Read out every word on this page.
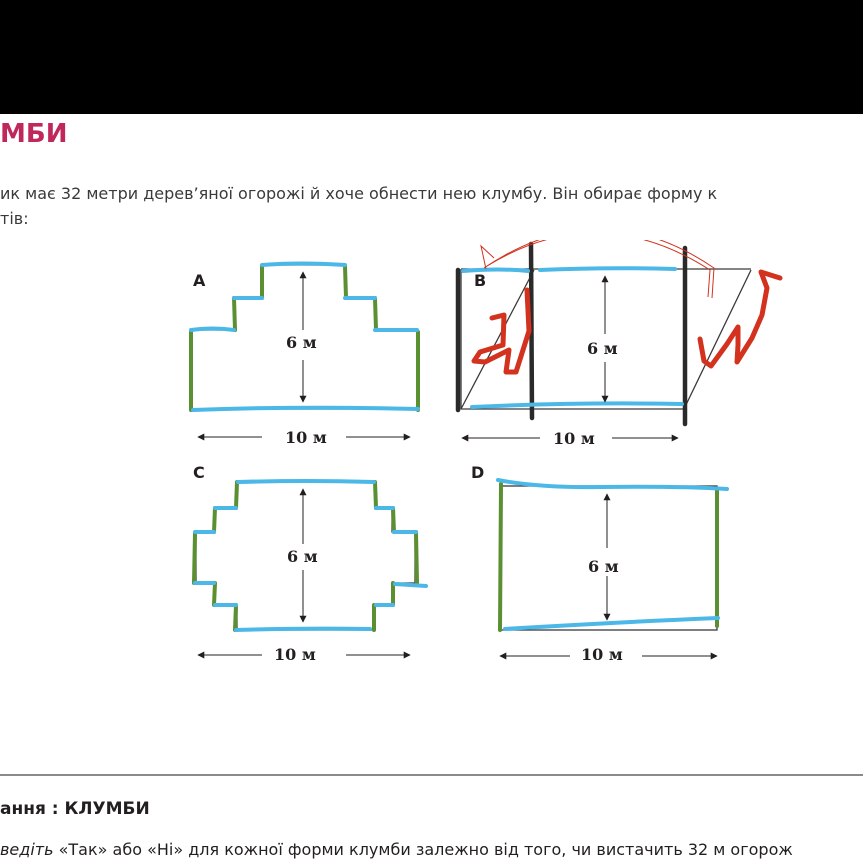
МБИ
ик має 32 метри дерев’яної огорожі й хоче обнести нею клумбу. Він обирає форму к
тів:
A
6 м
10 м
B
6 м
10 м
C
6 м
10 м
D
6 м
10 м
ання : КЛУМБИ
ведіть «Так» або «Ні» для кожної форми клумби залежно від того, чи вистачить 32 м огорож
